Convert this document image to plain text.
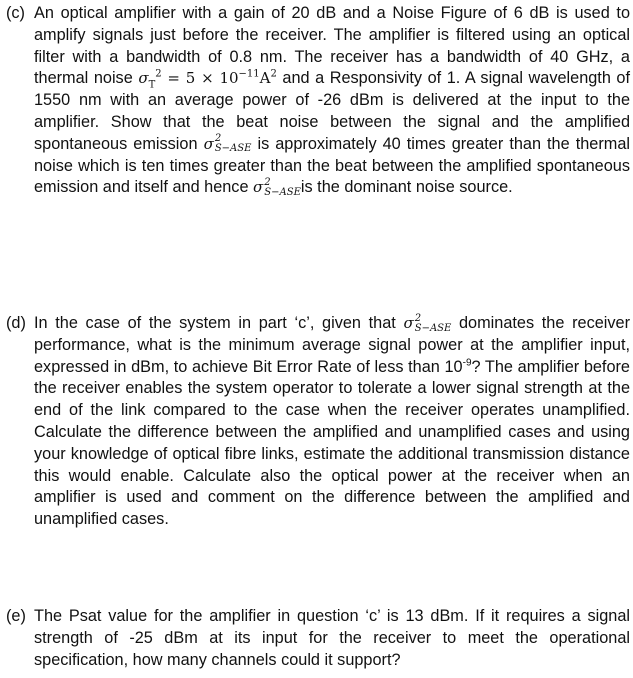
(c) An optical amplifier with a gain of 20 dB and a Noise Figure of 6 dB is used to amplify signals just before the receiver. The amplifier is filtered using an optical filter with a bandwidth of 0.8 nm. The receiver has a bandwidth of 40 GHz, a thermal noise $\sigma_T^2 = 5 \times 10^{-11}A^2$ and a Responsivity of 1. A signal wavelength of 1550 nm with an average power of -26 dBm is delivered at the input to the amplifier. Show that the beat noise between the signal and the amplified spontaneous emission σ 2
S−ASE is approximately 40 times greater than the thermal noise which is ten times greater than the beat between the amplified spontaneous emission and itself and hence σ 2
S−ASE is the dominant noise source.
(d) In the case of the system in part ‘c’, given that σ 2
S−ASE dominates the receiver performance, what is the minimum average signal power at the amplifier input, expressed in dBm, to achieve Bit Error Rate of less than $10^{-9}$? The amplifier before the receiver enables the system operator to tolerate a lower signal strength at the end of the link compared to the case when the receiver operates unamplified. Calculate the difference between the amplified and unamplified cases and using your knowledge of optical fibre links, estimate the additional transmission distance this would enable. Calculate also the optical power at the receiver when an amplifier is used and comment on the difference between the amplified and unamplified cases.
(e) The Psat value for the amplifier in question ‘c’ is 13 dBm. If it requires a signal strength of -25 dBm at its input for the receiver to meet the operational specification, how many channels could it support?
